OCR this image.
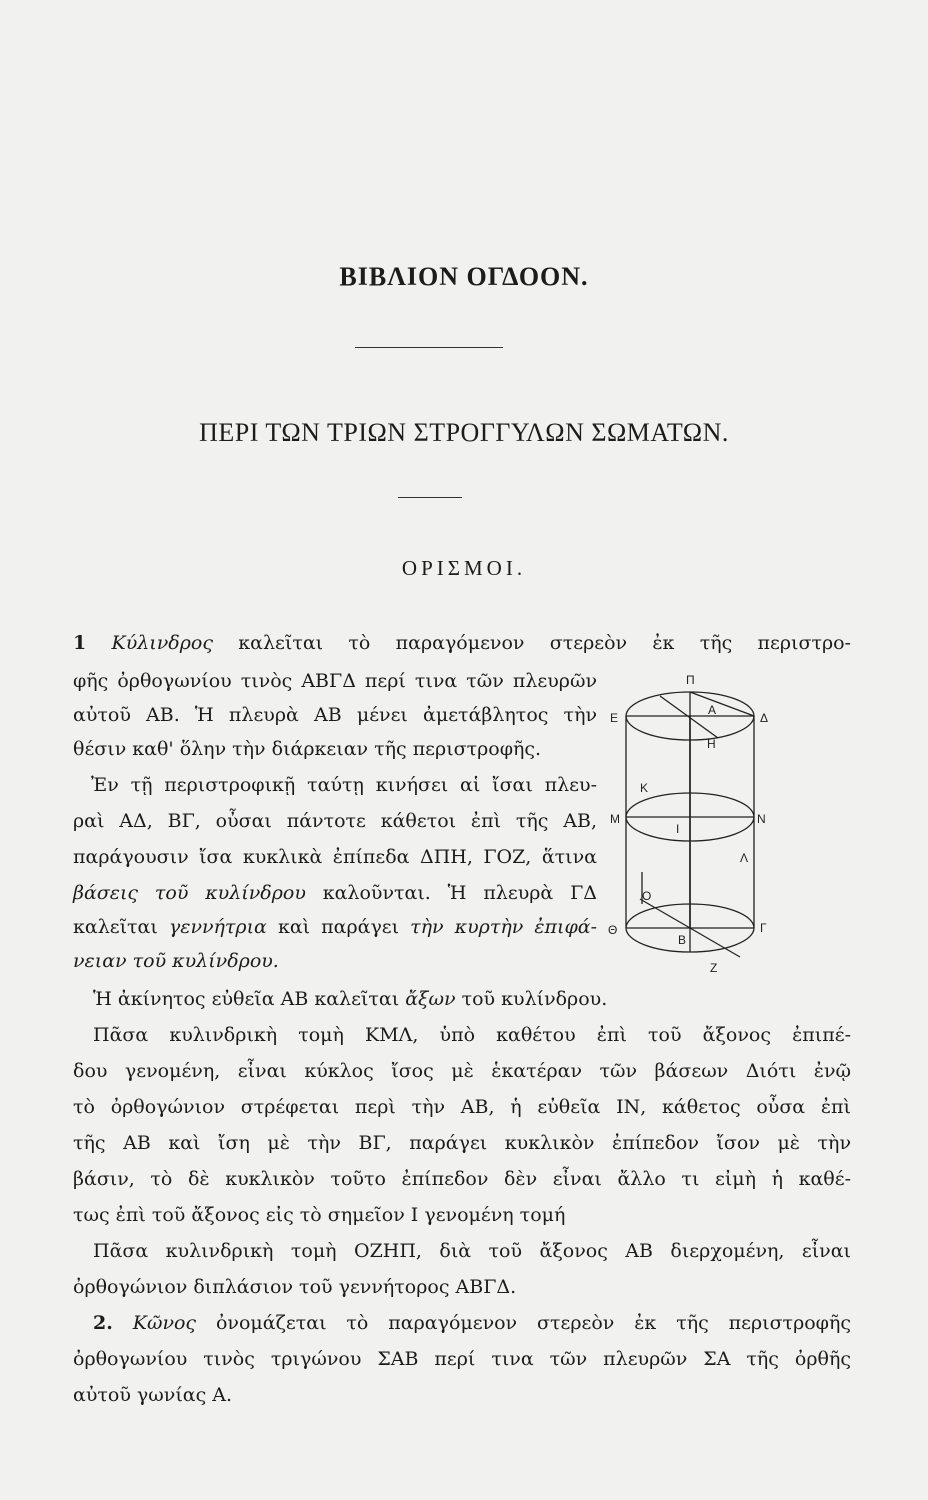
ΒΙΒΛΙΟΝ ΟΓΔΟΟΝ.
ΠΕΡΙ ΤΩΝ ΤΡΙΩΝ ΣΤΡΟΓΓΥΛΩΝ ΣΩΜΑΤΩΝ.
ΟΡΙΣΜΟΙ.
1 Κύλινδρος καλεῖται τὸ παραγόμενον στερεὸν ἐκ τῆς περιστρο-
φῆς ὀρθογωνίου τινὸς ΑΒΓΔ περί τινα τῶν πλευρῶν
αὐτοῦ ΑΒ. Ἡ πλευρὰ ΑΒ μένει ἀμετάβλητος τὴν
θέσιν καθ' ὅλην τὴν διάρκειαν τῆς περιστροφῆς.
Ἐν τῇ περιστροφικῇ ταύτῃ κινήσει αἱ ἴσαι πλευ-
ραὶ ΑΔ, ΒΓ, οὖσαι πάντοτε κάθετοι ἐπὶ τῆς ΑΒ,
παράγουσιν ἴσα κυκλικὰ ἐπίπεδα ΔΠΗ, ΓΟΖ, ἅτινα
βάσεις τοῦ κυλίνδρου καλοῦνται. Ἡ πλευρὰ ΓΔ
καλεῖται γεννήτρια καὶ παράγει τὴν κυρτὴν ἐπιφά-
νειαν τοῦ κυλίνδρου.
Ἡ ἀκίνητος εὐθεῖα ΑΒ καλεῖται ἄξων τοῦ κυλίνδρου.
Πᾶσα κυλινδρικὴ τομὴ ΚΜΛ, ὑπὸ καθέτου ἐπὶ τοῦ ἄξονος ἐπιπέ-
δου γενομένη, εἶναι κύκλος ἴσος μὲ ἑκατέραν τῶν βάσεων Διότι ἐνῷ
τὸ ὀρθογώνιον στρέφεται περὶ τὴν ΑΒ, ἡ εὐθεῖα ΙΝ, κάθετος οὖσα ἐπὶ
τῆς ΑΒ καὶ ἴση μὲ τὴν ΒΓ, παράγει κυκλικὸν ἐπίπεδον ἴσον μὲ τὴν
βάσιν, τὸ δὲ κυκλικὸν τοῦτο ἐπίπεδον δὲν εἶναι ἄλλο τι εἰμὴ ἡ καθέ-
τως ἐπὶ τοῦ ἄξονος εἰς τὸ σημεῖον Ι γενομένη τομή
Πᾶσα κυλινδρικὴ τομὴ ΟΖΗΠ, διὰ τοῦ ἄξονος ΑΒ διερχομένη, εἶναι
ὀρθογώνιον διπλάσιον τοῦ γεννήτορος ΑΒΓΔ.
2. Κῶνος ὀνομάζεται τὸ παραγόμενον στερεὸν ἐκ τῆς περιστροφῆς
ὀρθογωνίου τινὸς τριγώνου ΣΑΒ περί τινα τῶν πλευρῶν ΣΑ τῆς ὀρθῆς
αὐτοῦ γωνίας Α.
Π
Ε
Α
Δ
Η
Κ
Μ
Ι
Ν
Λ
Ο
Β
Γ
Θ
Ζ
